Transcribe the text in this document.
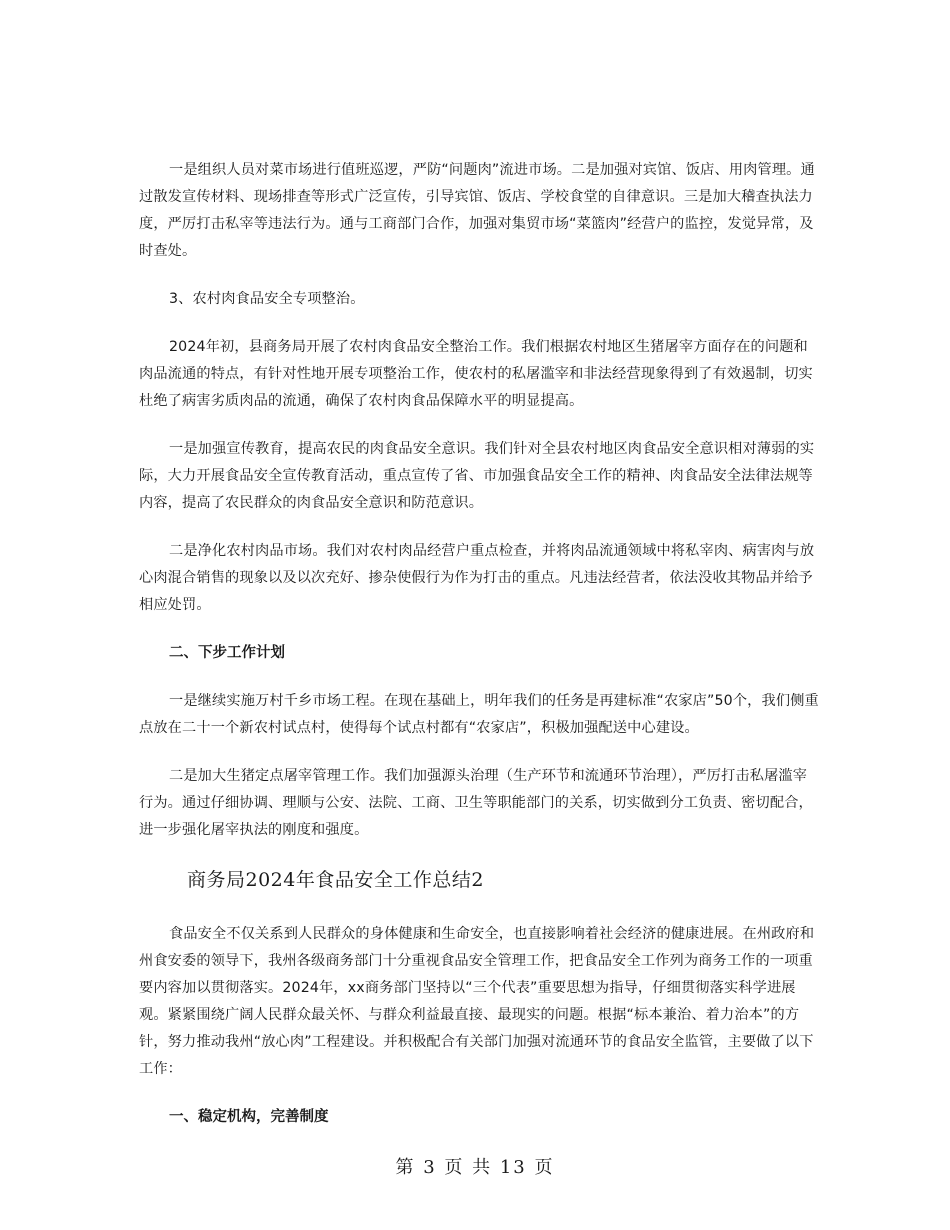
一是组织人员对菜市场进行值班巡逻，严防“问题肉”流进市场。二是加强对宾馆、饭店、用肉管理。通过散发宣传材料、现场排查等形式广泛宣传，引导宾馆、饭店、学校食堂的自律意识。三是加大稽查执法力度，严厉打击私宰等违法行为。通与工商部门合作，加强对集贸市场“菜篮肉”经营户的监控，发觉异常，及时查处。

3、农村肉食品安全专项整治。

2024年初，县商务局开展了农村肉食品安全整治工作。我们根据农村地区生猪屠宰方面存在的问题和肉品流通的特点，有针对性地开展专项整治工作，使农村的私屠滥宰和非法经营现象得到了有效遏制，切实杜绝了病害劣质肉品的流通，确保了农村肉食品保障水平的明显提高。

一是加强宣传教育，提高农民的肉食品安全意识。我们针对全县农村地区肉食品安全意识相对薄弱的实际，大力开展食品安全宣传教育活动，重点宣传了省、市加强食品安全工作的精神、肉食品安全法律法规等内容，提高了农民群众的肉食品安全意识和防范意识。

二是净化农村肉品市场。我们对农村肉品经营户重点检查，并将肉品流通领域中将私宰肉、病害肉与放心肉混合销售的现象以及以次充好、掺杂使假行为作为打击的重点。凡违法经营者，依法没收其物品并给予相应处罚。

二、下步工作计划

一是继续实施万村千乡市场工程。在现在基础上，明年我们的任务是再建标准“农家店”50个，我们侧重点放在二十一个新农村试点村，使得每个试点村都有“农家店”，积极加强配送中心建设。

二是加大生猪定点屠宰管理工作。我们加强源头治理（生产环节和流通环节治理），严厉打击私屠滥宰行为。通过仔细协调、理顺与公安、法院、工商、卫生等职能部门的关系，切实做到分工负责、密切配合，进一步强化屠宰执法的刚度和强度。

商务局2024年食品安全工作总结2

食品安全不仅关系到人民群众的身体健康和生命安全，也直接影响着社会经济的健康进展。在州政府和州食安委的领导下，我州各级商务部门十分重视食品安全管理工作，把食品安全工作列为商务工作的一项重要内容加以贯彻落实。2024年，xx商务部门坚持以“三个代表”重要思想为指导，仔细贯彻落实科学进展观。紧紧围绕广阔人民群众最关怀、与群众利益最直接、最现实的问题。根据“标本兼治、着力治本”的方针，努力推动我州“放心肉”工程建设。并积极配合有关部门加强对流通环节的食品安全监管，主要做了以下工作：

一、稳定机构，完善制度

第 3 页 共 13 页
